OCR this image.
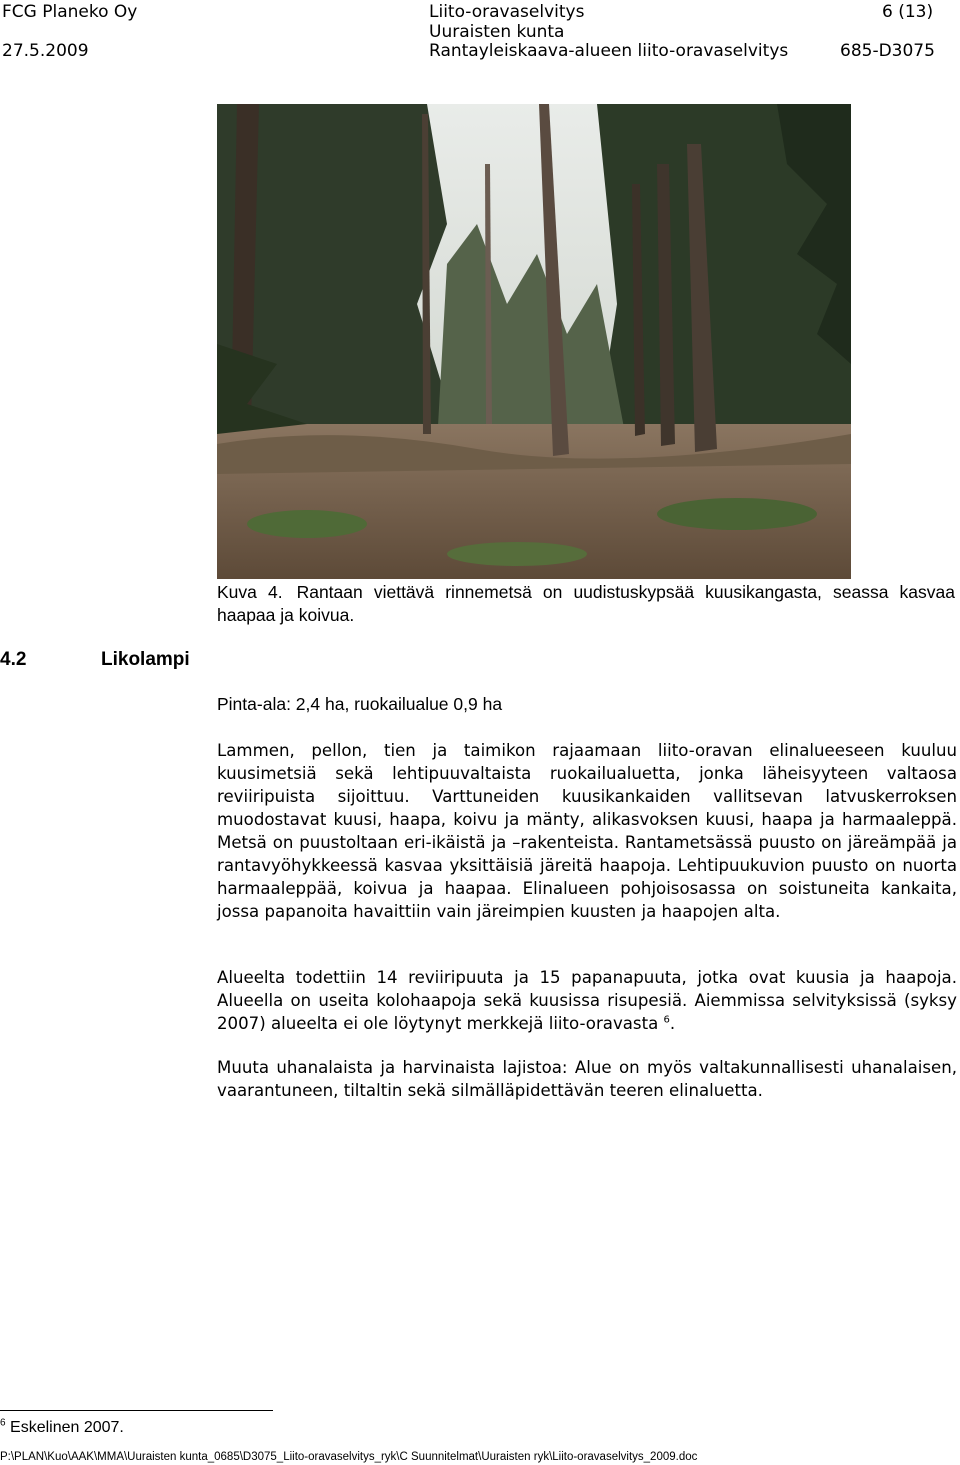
FCG Planeko Oy
27.5.2009
Liito-oravaselvitys
Uuraisten kunta
Rantayleiskaava-alueen liito-oravaselvitys
6 (13)
685-D3075
Kuva 4. Rantaan viettävä rinnemetsä on uudistuskypsää kuusikangasta, seassa kasvaa haapaa ja koivua.
4.2	Likolampi
Pinta-ala: 2,4 ha, ruokailualue 0,9 ha
Lammen, pellon, tien ja taimikon rajaamaan liito-oravan elinalueeseen kuuluu kuusimetsiä sekä lehtipuuvaltaista ruokailualuetta, jonka läheisyyteen valtaosa reviiripuista sijoittuu. Varttuneiden kuusikankaiden vallitsevan latvuskerroksen muodostavat kuusi, haapa, koivu ja mänty, alikasvoksen kuusi, haapa ja harmaaleppä. Metsä on puustoltaan eri-ikäistä ja –rakenteista. Rantametsässä puusto on järeämpää ja rantavyöhykkeessä kasvaa yksittäisiä järeitä haapoja. Lehtipuukuvion puusto on nuorta harmaaleppää, koivua ja haapaa. Elinalueen pohjoisosassa on soistuneita kankaita, jossa papanoita havaittiin vain järeimpien kuusten ja haapojen alta.
Alueelta todettiin 14 reviiripuuta ja 15 papanapuuta, jotka ovat kuusia ja haapoja. Alueella on useita kolohaapoja sekä kuusissa risupesiä. Aiemmissa selvityksissä (syksy 2007) alueelta ei ole löytynyt merkkejä liito-oravasta $^6$.
Muuta uhanalaista ja harvinaista lajistoa: Alue on myös valtakunnallisesti uhanalaisen, vaarantuneen, tiltaltin sekä silmälläpidettävän teeren elinaluetta.
$^6$ Eskelinen 2007.
P:\PLAN\Kuo\AAK\MMA\Uuraisten kunta_0685\D3075_Liito-oravaselvitys_ryk\C Suunnitelmat\Uuraisten ryk\Liito-oravaselvitys_2009.doc
